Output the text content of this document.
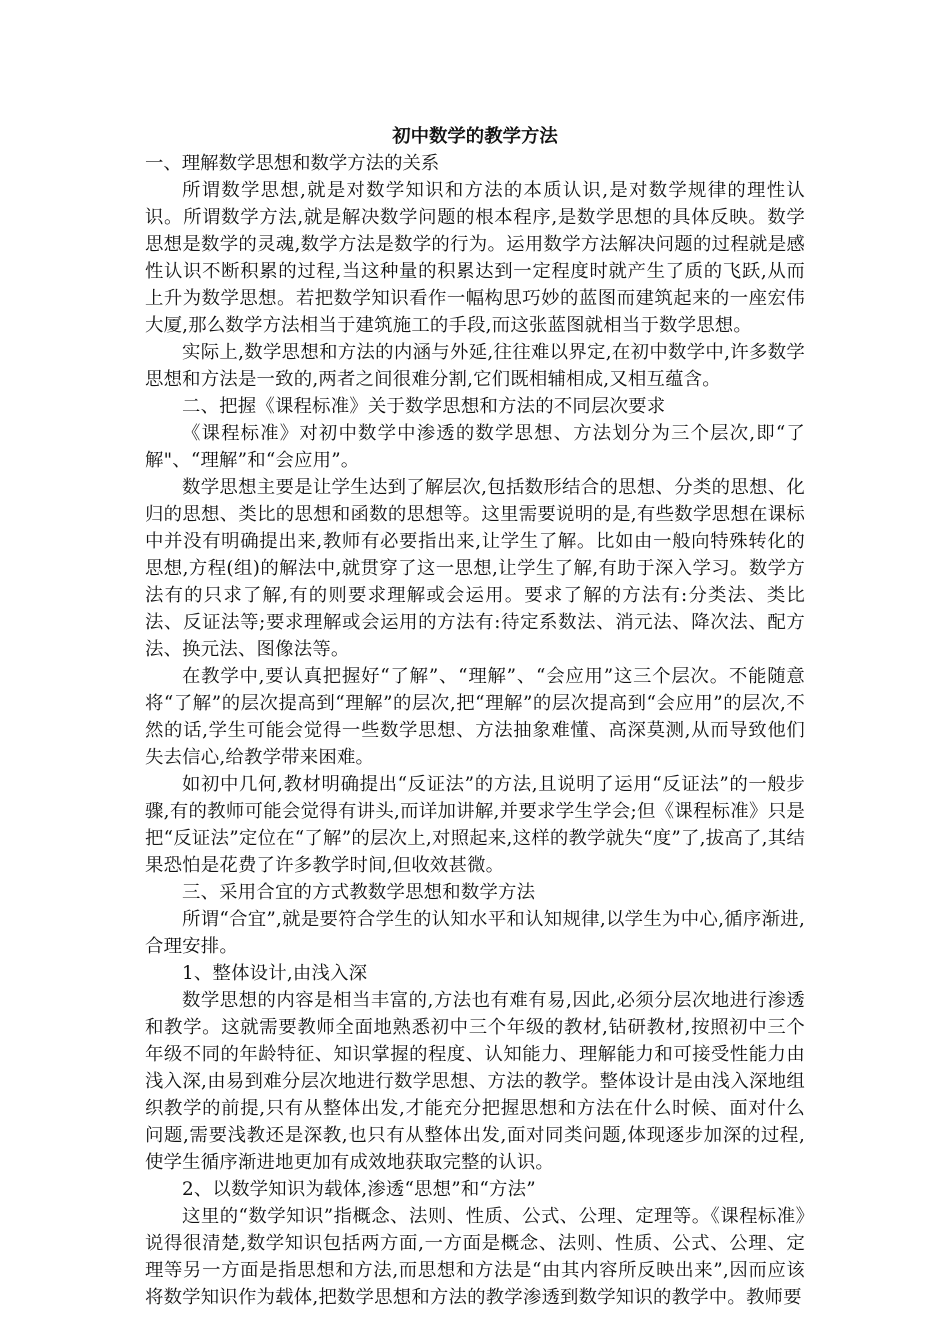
初中数学的教学方法

一、理解数学思想和数学方法的关系

所谓数学思想,就是对数学知识和方法的本质认识,是对数学规律的理性认识。所谓数学方法,就是解决数学问题的根本程序,是数学思想的具体反映。数学思想是数学的灵魂,数学方法是数学的行为。运用数学方法解决问题的过程就是感性认识不断积累的过程,当这种量的积累达到一定程度时就产生了质的飞跃,从而上升为数学思想。若把数学知识看作一幅构思巧妙的蓝图而建筑起来的一座宏伟大厦,那么数学方法相当于建筑施工的手段,而这张蓝图就相当于数学思想。

实际上,数学思想和方法的内涵与外延,往往难以界定,在初中数学中,许多数学思想和方法是一致的,两者之间很难分割,它们既相辅相成,又相互蕴含。

二、把握《课程标准》关于数学思想和方法的不同层次要求

《课程标准》对初中数学中渗透的数学思想、方法划分为三个层次,即“了解"、“理解”和“会应用”。

数学思想主要是让学生达到了解层次,包括数形结合的思想、分类的思想、化归的思想、类比的思想和函数的思想等。这里需要说明的是,有些数学思想在课标中并没有明确提出来,教师有必要指出来,让学生了解。比如由一般向特殊转化的思想,方程(组)的解法中,就贯穿了这一思想,让学生了解,有助于深入学习。数学方法有的只求了解,有的则要求理解或会运用。要求了解的方法有:分类法、类比法、反证法等;要求理解或会运用的方法有:待定系数法、消元法、降次法、配方法、换元法、图像法等。

在教学中,要认真把握好“了解”、“理解”、“会应用”这三个层次。不能随意将“了解”的层次提高到“理解”的层次,把“理解”的层次提高到“会应用”的层次,不然的话,学生可能会觉得一些数学思想、方法抽象难懂、高深莫测,从而导致他们失去信心,给教学带来困难。

如初中几何,教材明确提出“反证法”的方法,且说明了运用“反证法”的一般步骤,有的教师可能会觉得有讲头,而详加讲解,并要求学生学会;但《课程标准》只是把“反证法”定位在“了解”的层次上,对照起来,这样的教学就失“度”了,拔高了,其结果恐怕是花费了许多教学时间,但收效甚微。

三、采用合宜的方式教数学思想和数学方法

所谓“合宜”,就是要符合学生的认知水平和认知规律,以学生为中心,循序渐进,合理安排。

1、整体设计,由浅入深

数学思想的内容是相当丰富的,方法也有难有易,因此,必须分层次地进行渗透和教学。这就需要教师全面地熟悉初中三个年级的教材,钻研教材,按照初中三个年级不同的年龄特征、知识掌握的程度、认知能力、理解能力和可接受性能力由浅入深,由易到难分层次地进行数学思想、方法的教学。整体设计是由浅入深地组织教学的前提,只有从整体出发,才能充分把握思想和方法在什么时候、面对什么问题,需要浅教还是深教,也只有从整体出发,面对同类问题,体现逐步加深的过程,使学生循序渐进地更加有成效地获取完整的认识。

2、以数学知识为载体,渗透“思想”和“方法”

这里的“数学知识”指概念、法则、性质、公式、公理、定理等。《课程标准》说得很清楚,数学知识包括两方面,一方面是概念、法则、性质、公式、公理、定理等另一方面是指思想和方法,而思想和方法是“由其内容所反映出来”,因而应该将数学知识作为载体,把数学思想和方法的教学渗透到数学知识的教学中。教师要
